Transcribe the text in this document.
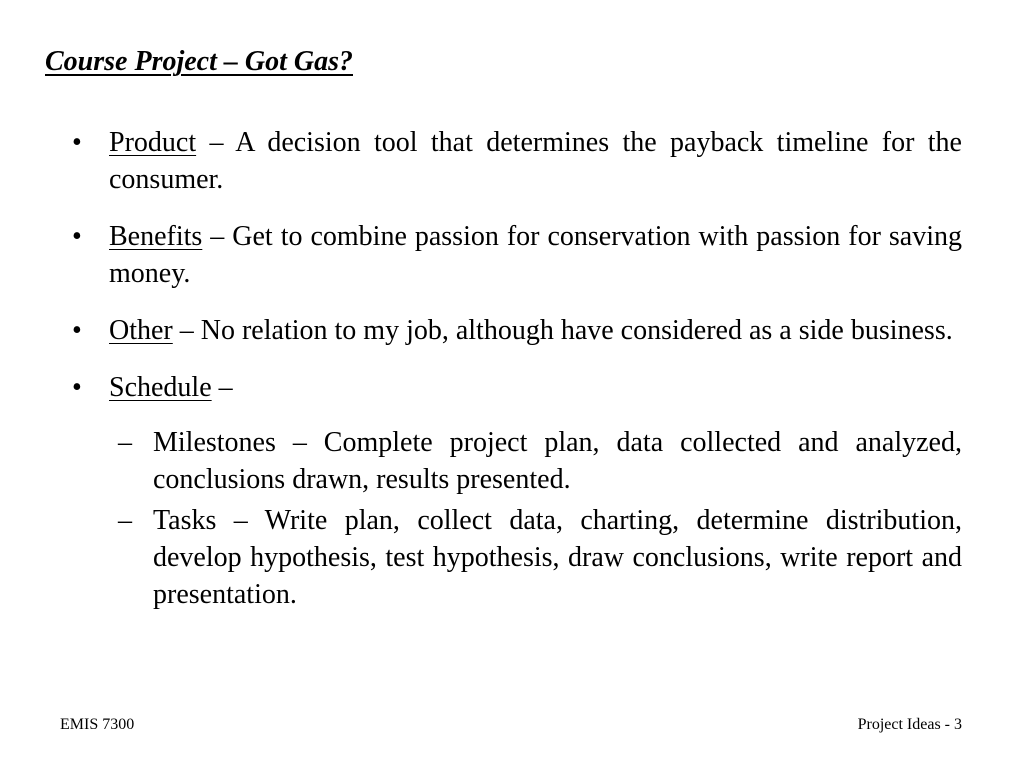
Course Project – Got Gas?
• Product – A decision tool that determines the payback timeline for the consumer.
• Benefits – Get to combine passion for conservation with passion for saving money.
• Other – No relation to my job, although have considered as a side business.
• Schedule –
– Milestones – Complete project plan, data collected and analyzed, conclusions drawn, results presented.
– Tasks – Write plan, collect data, charting, determine distribution, develop hypothesis, test hypothesis, draw conclusions, write report and presentation.
EMIS 7300	Project Ideas - 3
